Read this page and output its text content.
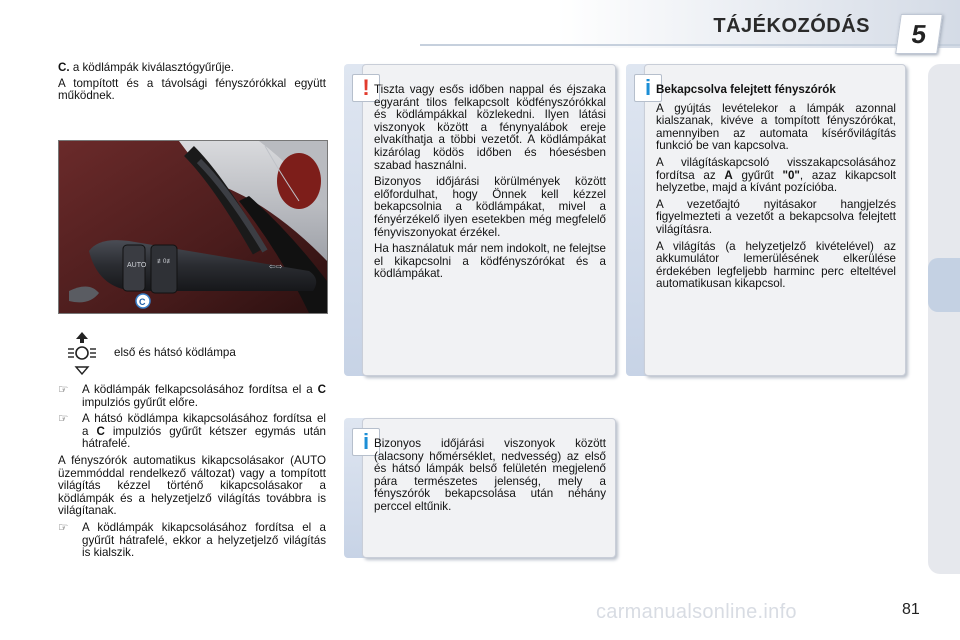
TÁJÉKOZÓDÁS	5

C. a ködlámpák kiválasztógyűrűje.

A tompított és a távolsági fényszórókkal együtt működnek.

AUTO ≢0≢	⇦⇨
C
első és hátsó ködlámpa
☞ A ködlámpák felkapcsolásához fordítsa el a C impulziós gyűrűt előre.
☞ A hátsó ködlámpa kikapcsolásához fordítsa el a C impulziós gyűrűt kétszer egymás után hátrafelé.

A fényszórók automatikus kikapcsolásakor (AUTO üzemmóddal rendelkező változat) vagy a tompított világítás kézzel történő kikapcsolásakor a ködlámpák és a helyzetjelző világítás továbbra is világítanak.

☞ A ködlámpák kikapcsolásához fordítsa el a gyűrűt hátrafelé, ekkor a helyzetjelző világítás is kialszik.
! Tiszta vagy esős időben nappal és éjszaka egyaránt tilos felkapcsolt ködfényszórókkal és ködlámpákkal közlekedni. Ilyen látási viszonyok között a fénynyalábok ereje elvakíthatja a többi vezetőt. A ködlámpákat kizárólag ködös időben és hóesésben szabad használni.

Bizonyos időjárási körülmények között előfordulhat, hogy Önnek kell kézzel bekapcsolnia a ködlámpákat, mivel a fényérzékelő ilyen esetekben még megfelelő fényviszonyokat érzékel.

Ha használatuk már nem indokolt, ne felejtse el kikapcsolni a ködfényszórókat és a ködlámpákat.

i Bekapcsolva felejtett fényszórók

A gyújtás levételekor a lámpák azonnal kialszanak, kivéve a tompított fényszórókat, amennyiben az automata kísérővilágítás funkció be van kapcsolva.

A világításkapcsoló visszakapcsolásához fordítsa az A gyűrűt "0", azaz kikapcsolt helyzetbe, majd a kívánt pozícióba.

A vezetőajtó nyitásakor hangjelzés figyelmezteti a vezetőt a bekapcsolva felejtett világításra.

A világítás (a helyzetjelző kivételével) az akkumulátor lemerülésének elkerülése érdekében legfeljebb harminc perc elteltével automatikusan kikapcsol.

i Bizonyos időjárási viszonyok között (alacsony hőmérséklet, nedvesség) az első és hátsó lámpák belső felületén megjelenő pára természetes jelenség, mely a fényszórók bekapcsolása után néhány perccel eltűnik.

carmanualsonline.info	81
